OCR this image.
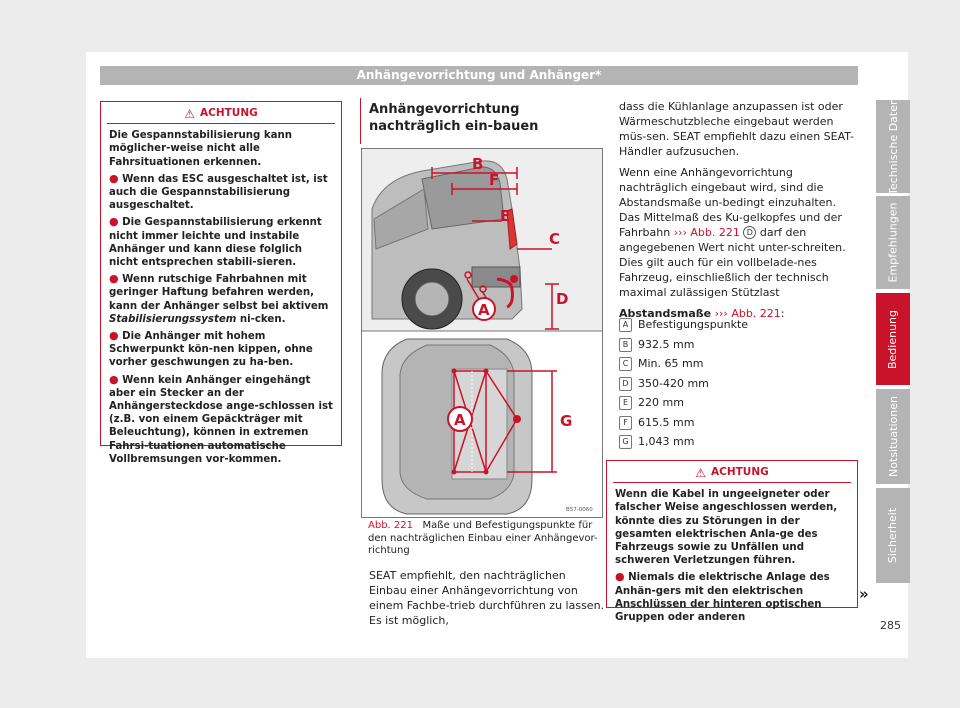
Anhängevorrichtung und Anhänger*
Technische Daten
Empfehlungen
Bedienung
Notsituationen
Sicherheit
285
⚠ ACHTUNG

Die Gespannstabilisierung kann möglicher-weise nicht alle Fahrsituationen erkennen.

● Wenn das ESC ausgeschaltet ist, ist auch die Gespannstabilisierung ausgeschaltet.
● Die Gespannstabilisierung erkennt nicht immer leichte und instabile Anhänger und kann diese folglich nicht entsprechen stabili-sieren.
● Wenn rutschige Fahrbahnen mit geringer Haftung befahren werden, kann der Anhänger selbst bei aktivem Stabilisierungssystem ni-cken.
● Die Anhänger mit hohem Schwerpunkt kön-nen kippen, ohne vorher geschwungen zu ha-ben.
● Wenn kein Anhänger eingehängt aber ein Stecker an der Anhängersteckdose ange-schlossen ist (z.B. von einem Gepäckträger mit Beleuchtung), können in extremen Fahrsi-tuationen automatische Vollbremsungen vor-kommen.
Anhängevorrichtung nachträglich ein-bauen
B
F
E
C
D
A
A	G
B57-0060
Abb. 221 Maße und Befestigungspunkte für den nachträglichen Einbau einer Anhängevor-richtung
SEAT empfiehlt, den nachträglichen Einbau einer Anhängevorrichtung von einem Fachbe-trieb durchführen zu lassen. Es ist möglich,

dass die Kühlanlage anzupassen ist oder Wärmeschutzbleche eingebaut werden müs-sen. SEAT empfiehlt dazu einen SEAT-Händler aufzusuchen.

Wenn eine Anhängevorrichtung nachträglich eingebaut wird, sind die Abstandsmaße un-bedingt einzuhalten. Das Mittelmaß des Ku-gelkopfes und der Fahrbahn ››› Abb. 221 D darf den angegebenen Wert nicht unter-schreiten. Dies gilt auch für ein vollbelade-nes Fahrzeug, einschließlich der technisch maximal zulässigen Stützlast

Abstandsmaße ››› Abb. 221:

A Befestigungspunkte
B 932.5 mm
C Min. 65 mm
D 350-420 mm
E 220 mm
F 615.5 mm
G 1,043 mm
⚠ ACHTUNG

Wenn die Kabel in ungeeigneter oder falscher Weise angeschlossen werden, könnte dies zu Störungen in der gesamten elektrischen Anla-ge des Fahrzeugs sowie zu Unfällen und schweren Verletzungen führen.

● Niemals die elektrische Anlage des Anhän-gers mit den elektrischen Anschlüssen der hinteren optischen Gruppen oder anderen
»
